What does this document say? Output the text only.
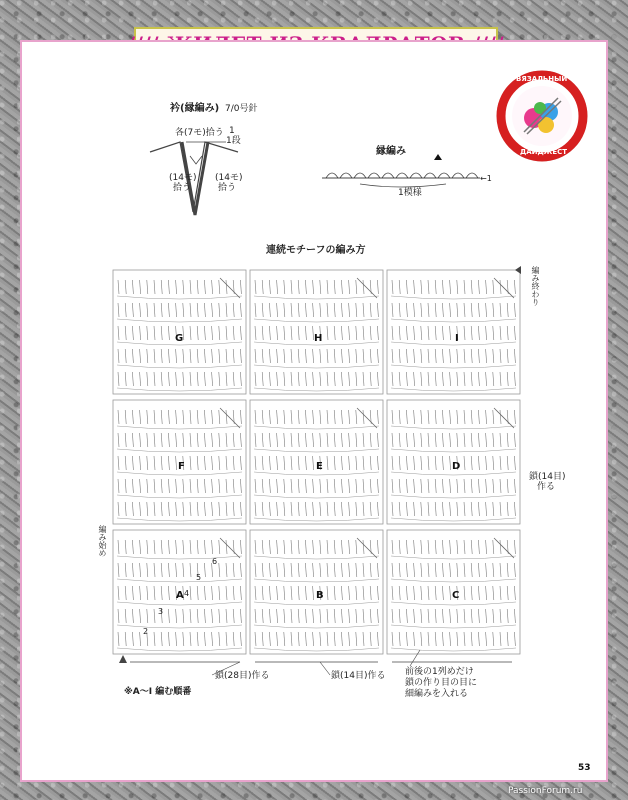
ВЯЗАЛЬНЫЙ
ДАЙДЖЕСТ
衿(縁編み) 7/0号針
各(7モ)拾う 1
1段
(14モ)
拾う
(14モ)
拾う
縁編み
1模様
←1
連続モチーフの編み方
G	H	I
F	E	D
A	B	C
2
3
4
5
6
編み終わり
編み始め
鎖(14目)
作る
鎖(28目)作る	鎖(14目)作る 前後の1列めだけ
鎖の作り目の目に
細編みを入れる
※A～I 編む順番
53
PassionForum.ru
